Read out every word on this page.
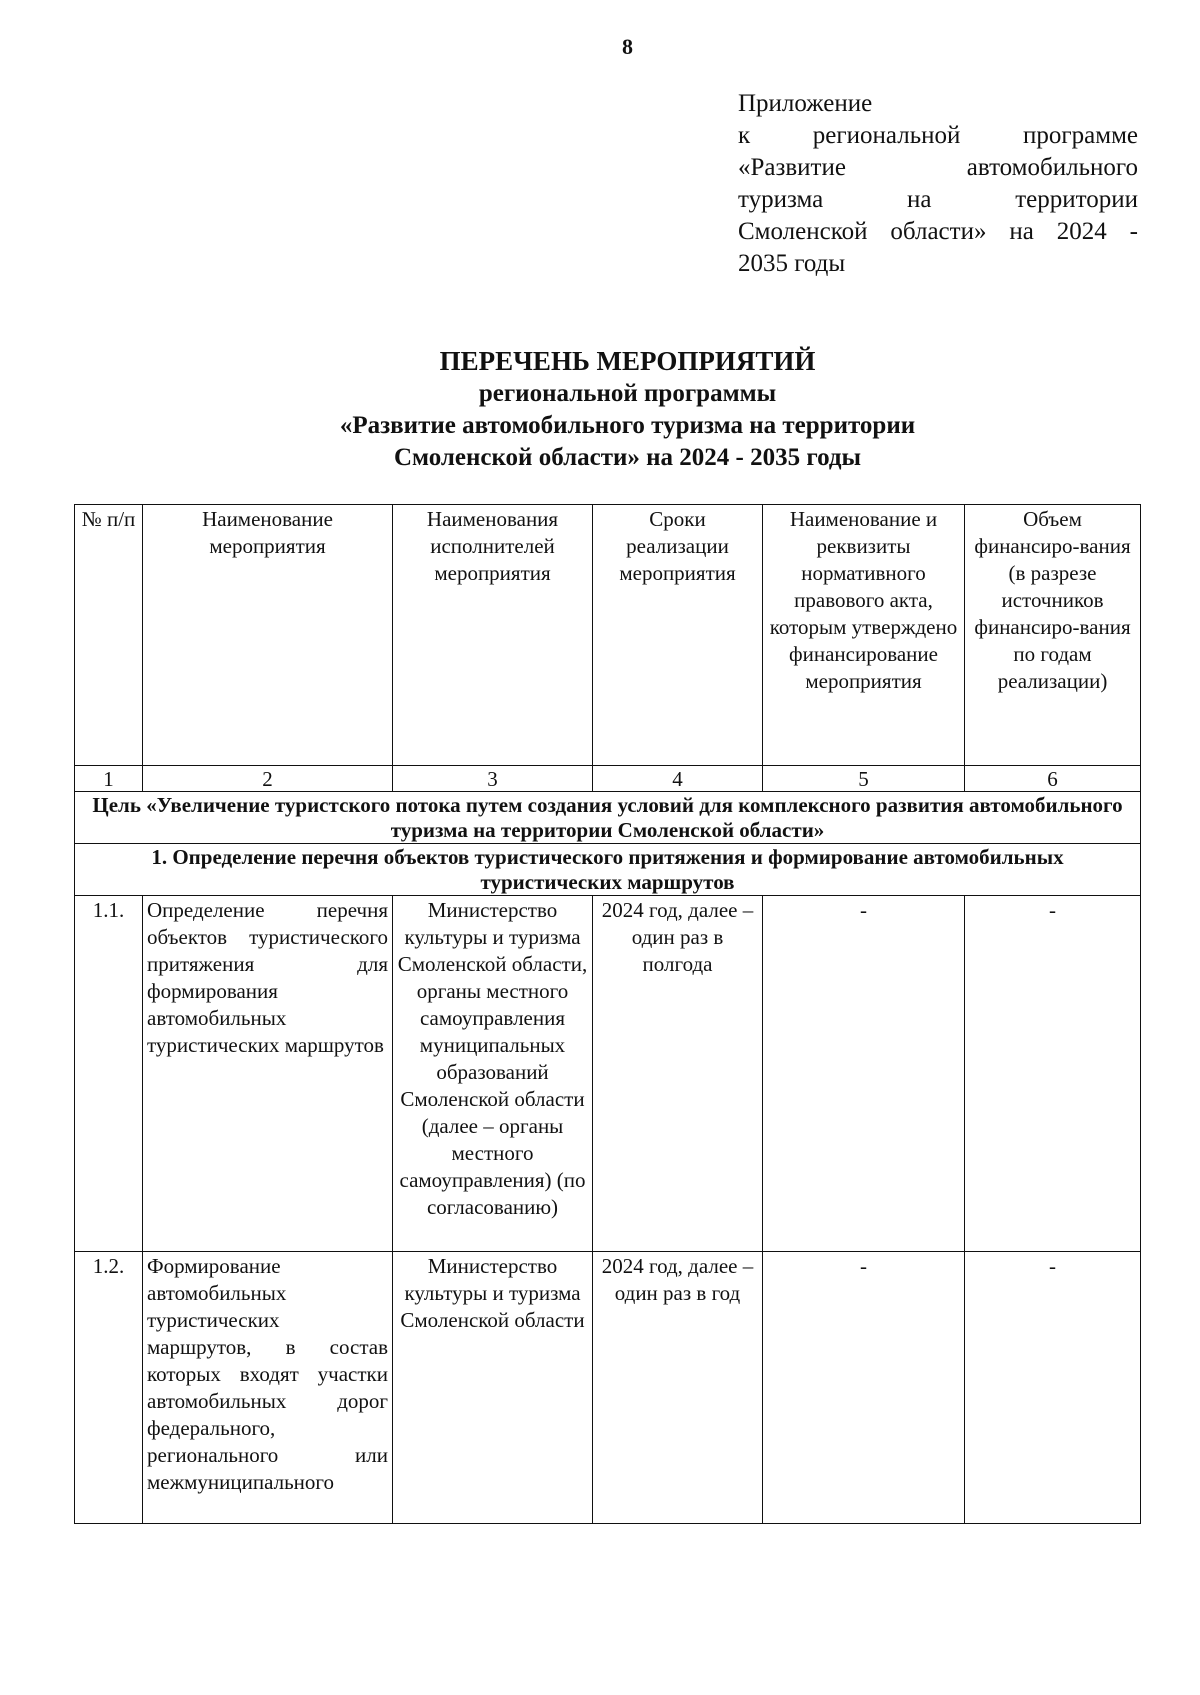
8
Приложение
к региональной программе
«Развитие автомобильного
туризма на территории
Смоленской области» на 2024 -
2035 годы
ПЕРЕЧЕНЬ МЕРОПРИЯТИЙ
региональной программы
«Развитие автомобильного туризма на территории
Смоленской области» на 2024 - 2035 годы
№ п/п	Наименование мероприятия	Наименования исполнителей мероприятия	Сроки реализации мероприятия	Наименование и реквизиты нормативного правового акта, которым утверждено финансирование мероприятия	Объем финансиро-вания (в разрезе источников финансиро-вания по годам реализации)
1	2	3	4	5	6
Цель «Увеличение туристского потока путем создания условий для комплексного развития автомобильного туризма на территории Смоленской области»					
1. Определение перечня объектов туристического притяжения и формирование автомобильных туристических маршрутов					
1.1.	Определение перечня объектов туристического притяжения для формирования автомобильных туристических маршрутов	Министерство культуры и туризма Смоленской области, органы местного самоуправления муниципальных образований Смоленской области (далее – органы местного самоуправления) (по согласованию)	2024 год, далее – один раз в полгода	-	-
1.2.	Формирование автомобильных туристических маршрутов, в состав которых входят участки автомобильных дорог федерального, регионального или межмуниципального	Министерство культуры и туризма Смоленской области	2024 год, далее – один раз в год	-	-
